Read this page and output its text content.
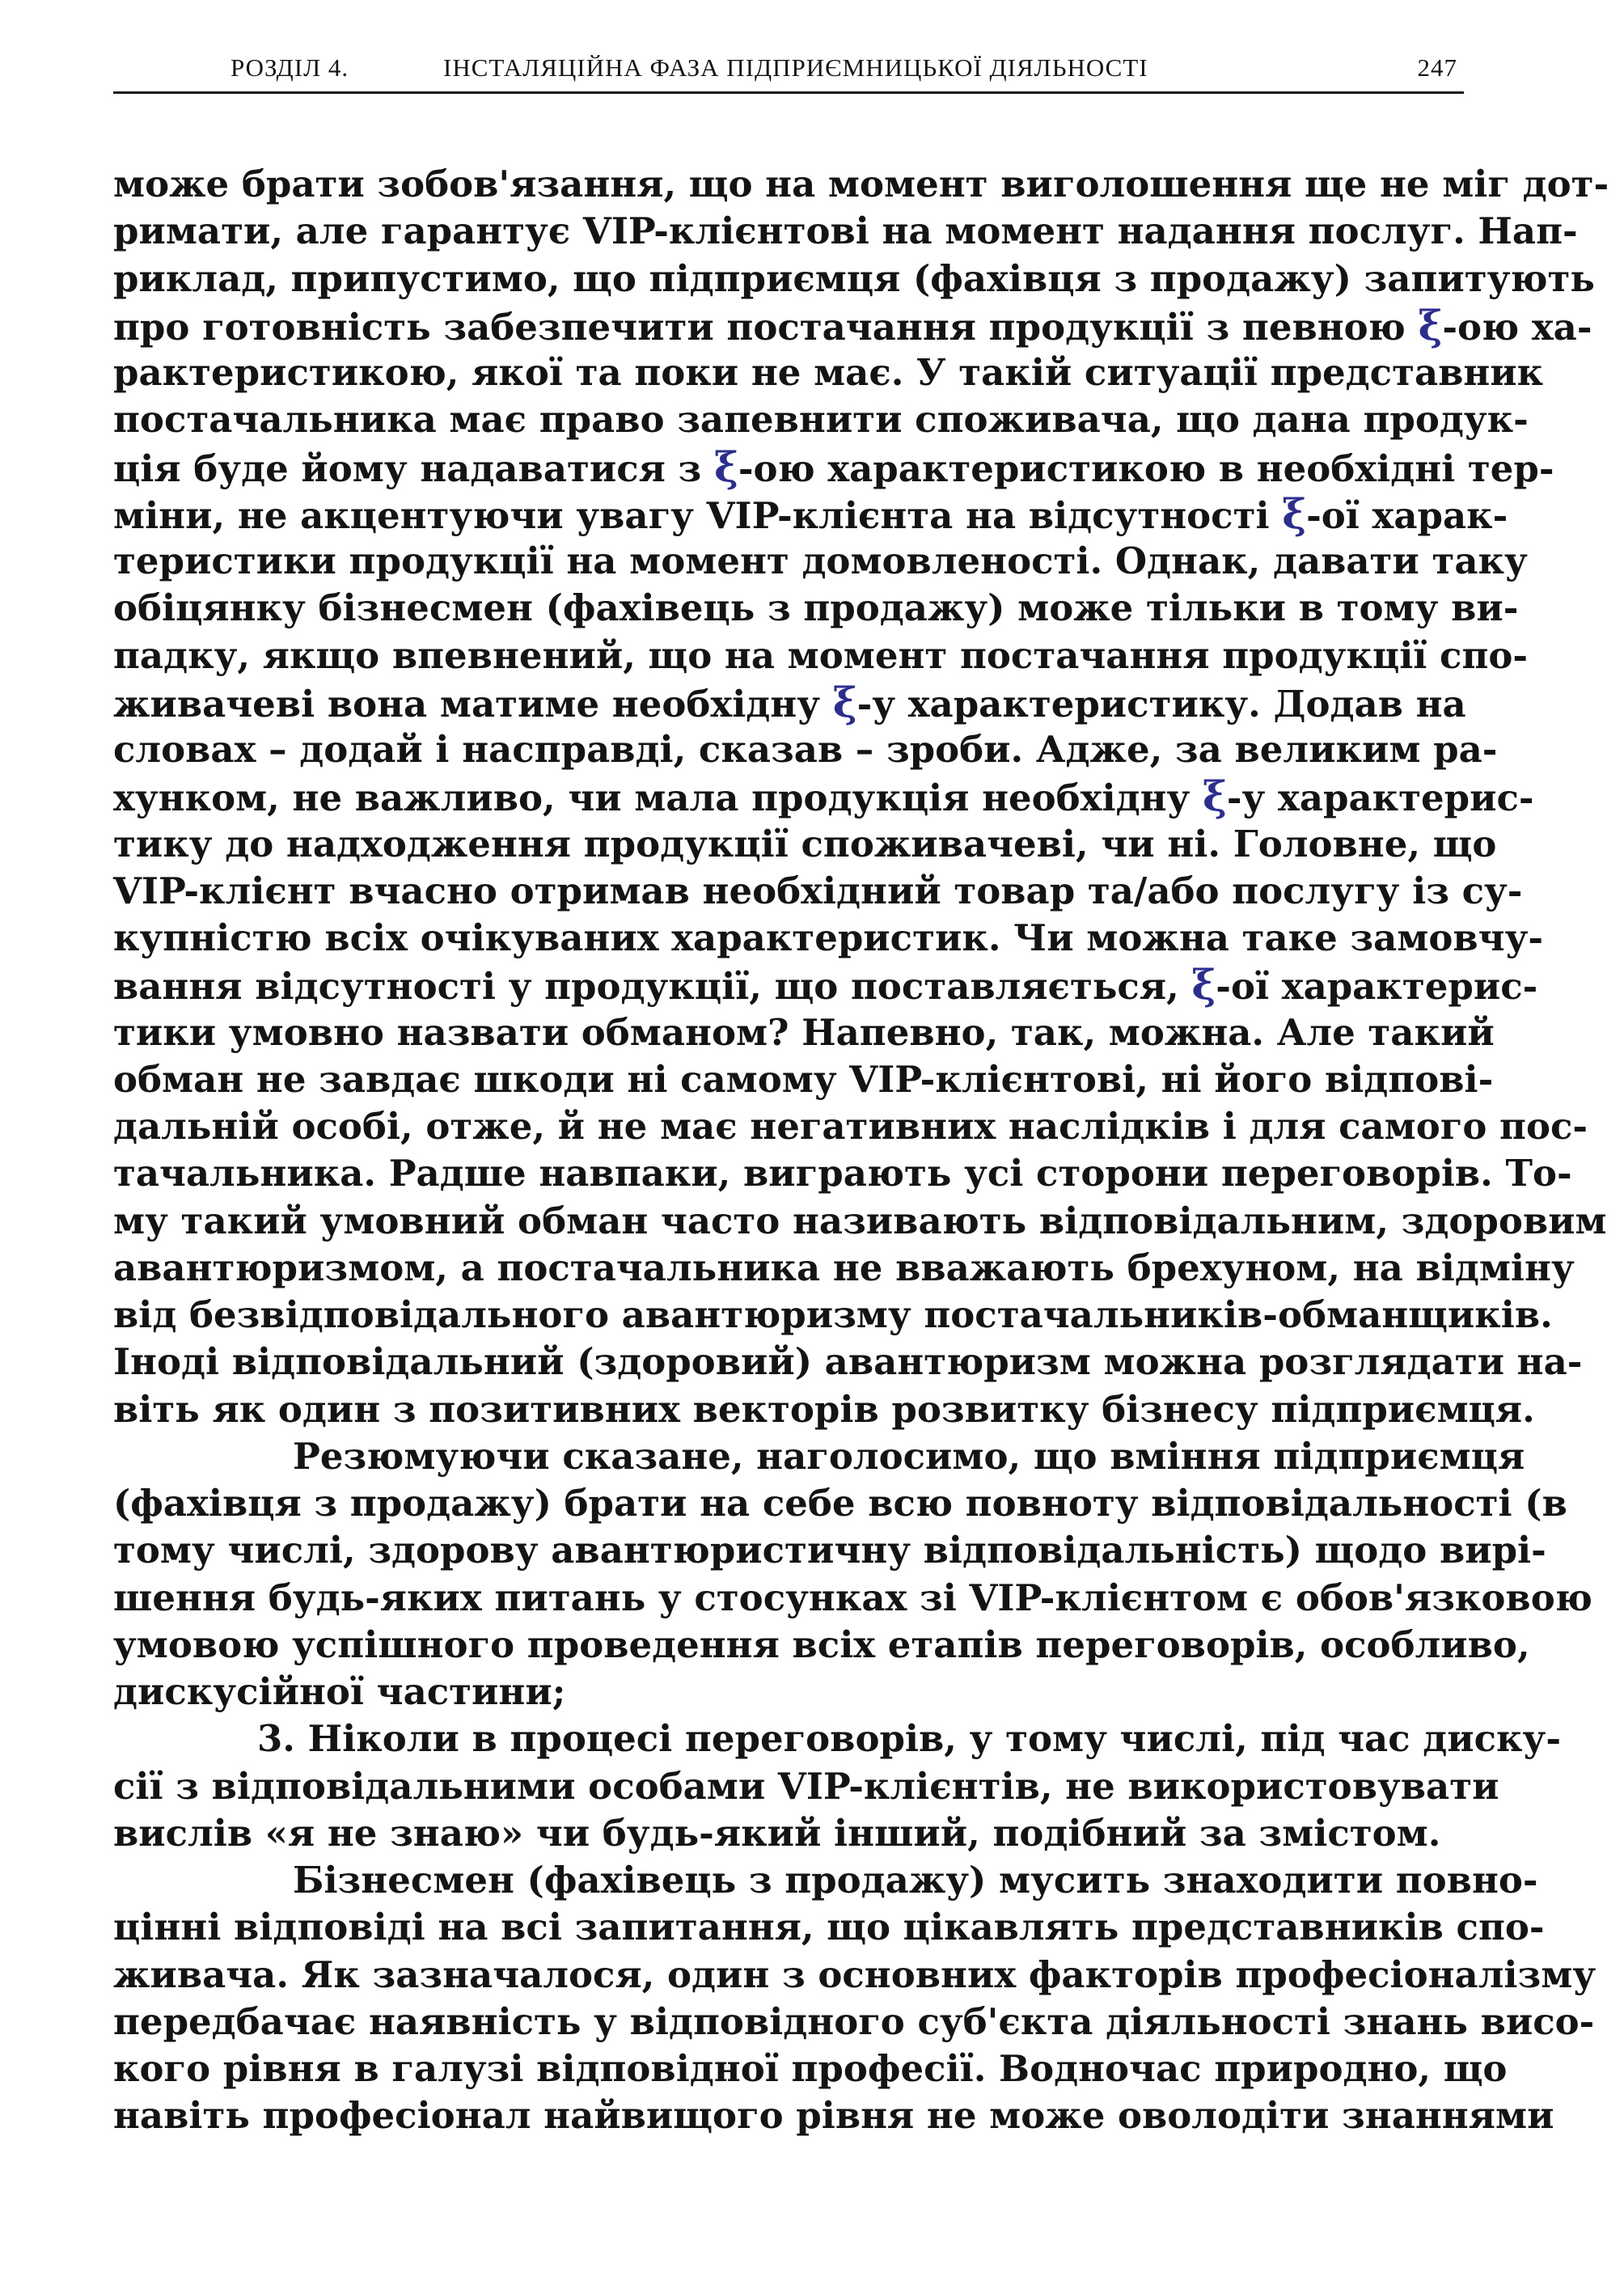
РОЗДІЛ 4.	ІНСТАЛЯЦІЙНА ФАЗА ПІДПРИЄМНИЦЬКОЇ ДІЯЛЬНОСТІ	247
може брати зобов'язання, що на момент виголошення ще не міг дот-
римати, але гарантує VIP-клієнтові на момент надання послуг. Нап-
риклад, припустимо, що підприємця (фахівця з продажу) запитують
про готовність забезпечити постачання продукції з певною ξ-ою ха-
рактеристикою, якої та поки не має. У такій ситуації представник
постачальника має право запевнити споживача, що дана продук-
ція буде йому надаватися з ξ-ою характеристикою в необхідні тер-
міни, не акцентуючи увагу VIP-клієнта на відсутності ξ-ої харак-
теристики продукції на момент домовленості. Однак, давати таку
обіцянку бізнесмен (фахівець з продажу) може тільки в тому ви-
падку, якщо впевнений, що на момент постачання продукції спо-
живачеві вона матиме необхідну ξ-у характеристику. Додав на
словах – додай і насправді, сказав – зроби. Адже, за великим ра-
хунком, не важливо, чи мала продукція необхідну ξ-у характерис-
тику до надходження продукції споживачеві, чи ні. Головне, що
VIP-клієнт вчасно отримав необхідний товар та/або послугу із су-
купністю всіх очікуваних характеристик. Чи можна таке замовчу-
вання відсутності у продукції, що поставляється, ξ-ої характерис-
тики умовно назвати обманом? Напевно, так, можна. Але такий
обман не завдає шкоди ні самому VIP-клієнтові, ні його відпові-
дальній особі, отже, й не має негативних наслідків і для самого пос-
тачальника. Радше навпаки, виграють усі сторони переговорів. То-
му такий умовний обман часто називають відповідальним, здоровим
авантюризмом, а постачальника не вважають брехуном, на відміну
від безвідповідального авантюризму постачальників-обманщиків.
Іноді відповідальний (здоровий) авантюризм можна розглядати на-
віть як один з позитивних векторів розвитку бізнесу підприємця.
Резюмуючи сказане, наголосимо, що вміння підприємця
(фахівця з продажу) брати на себе всю повноту відповідальності (в
тому числі, здорову авантюристичну відповідальність) щодо вирі-
шення будь-яких питань у стосунках зі VIP-клієнтом є обов'язковою
умовою успішного проведення всіх етапів переговорів, особливо,
дискусійної частини;
3. Ніколи в процесі переговорів, у тому числі, під час диску-
сії з відповідальними особами VIP-клієнтів, не використовувати
вислів «я не знаю» чи будь-який інший, подібний за змістом.
Бізнесмен (фахівець з продажу) мусить знаходити повно-
цінні відповіді на всі запитання, що цікавлять представників спо-
живача. Як зазначалося, один з основних факторів професіоналізму
передбачає наявність у відповідного суб'єкта діяльності знань висо-
кого рівня в галузі відповідної професії. Водночас природно, що
навіть професіонал найвищого рівня не може оволодіти знаннями
